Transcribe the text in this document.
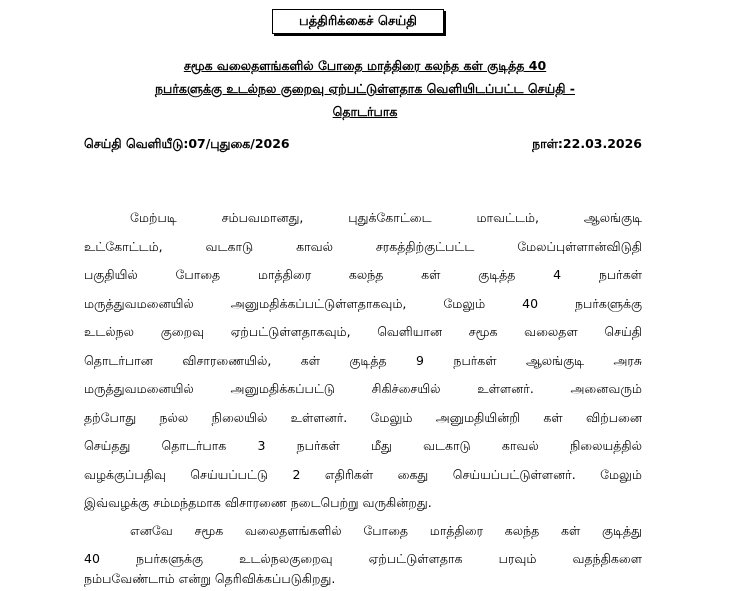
பத்திரிக்கைச் செய்தி
சமூக வலைதளங்களில் போதை மாத்திரை கலந்த கள் குடித்த 40
நபர்களுக்கு உடல்நல குறைவு ஏற்பட்டுள்ளதாக வெளியிடப்பட்ட செய்தி -
தொடர்பாக
செய்தி வெளியீடு:07/புதுகை/2026	நாள்:22.03.2026
மேற்படி சம்பவமானது, புதுக்கோட்டை மாவட்டம், ஆலங்குடி
உட்கோட்டம், வடகாடு காவல் சரகத்திற்குட்பட்ட மேலப்புள்ளான்விடுதி
பகுதியில் போதை மாத்திரை கலந்த கள் குடித்த 4 நபர்கள்
மருத்துவமனையில் அனுமதிக்கப்பட்டுள்ளதாகவும், மேலும் 40 நபர்களுக்கு
உடல்நல குறைவு ஏற்பட்டுள்ளதாகவும், வெளியான சமூக வலைதள செய்தி
தொடர்பான விசாரணையில், கள் குடித்த 9 நபர்கள் ஆலங்குடி அரசு
மருத்துவமனையில் அனுமதிக்கப்பட்டு சிகிச்சையில் உள்ளனர். அனைவரும்
தற்போது நல்ல நிலையில் உள்ளனர். மேலும் அனுமதியின்றி கள் விற்பனை
செய்தது தொடர்பாக 3 நபர்கள் மீது வடகாடு காவல் நிலையத்தில்
வழக்குப்பதிவு செய்யப்பட்டு 2 எதிரிகள் கைது செய்யப்பட்டுள்ளனர். மேலும்
இவ்வழக்கு சம்மந்தமாக விசாரணை நடைபெற்று வருகின்றது.
எனவே சமூக வலைதளங்களில் போதை மாத்திரை கலந்த கள் குடித்து
40 நபர்களுக்கு உடல்நலகுறைவு ஏற்பட்டுள்ளதாக பரவும் வதந்திகளை
நம்பவேண்டாம் என்று தெரிவிக்கப்படுகிறது.
